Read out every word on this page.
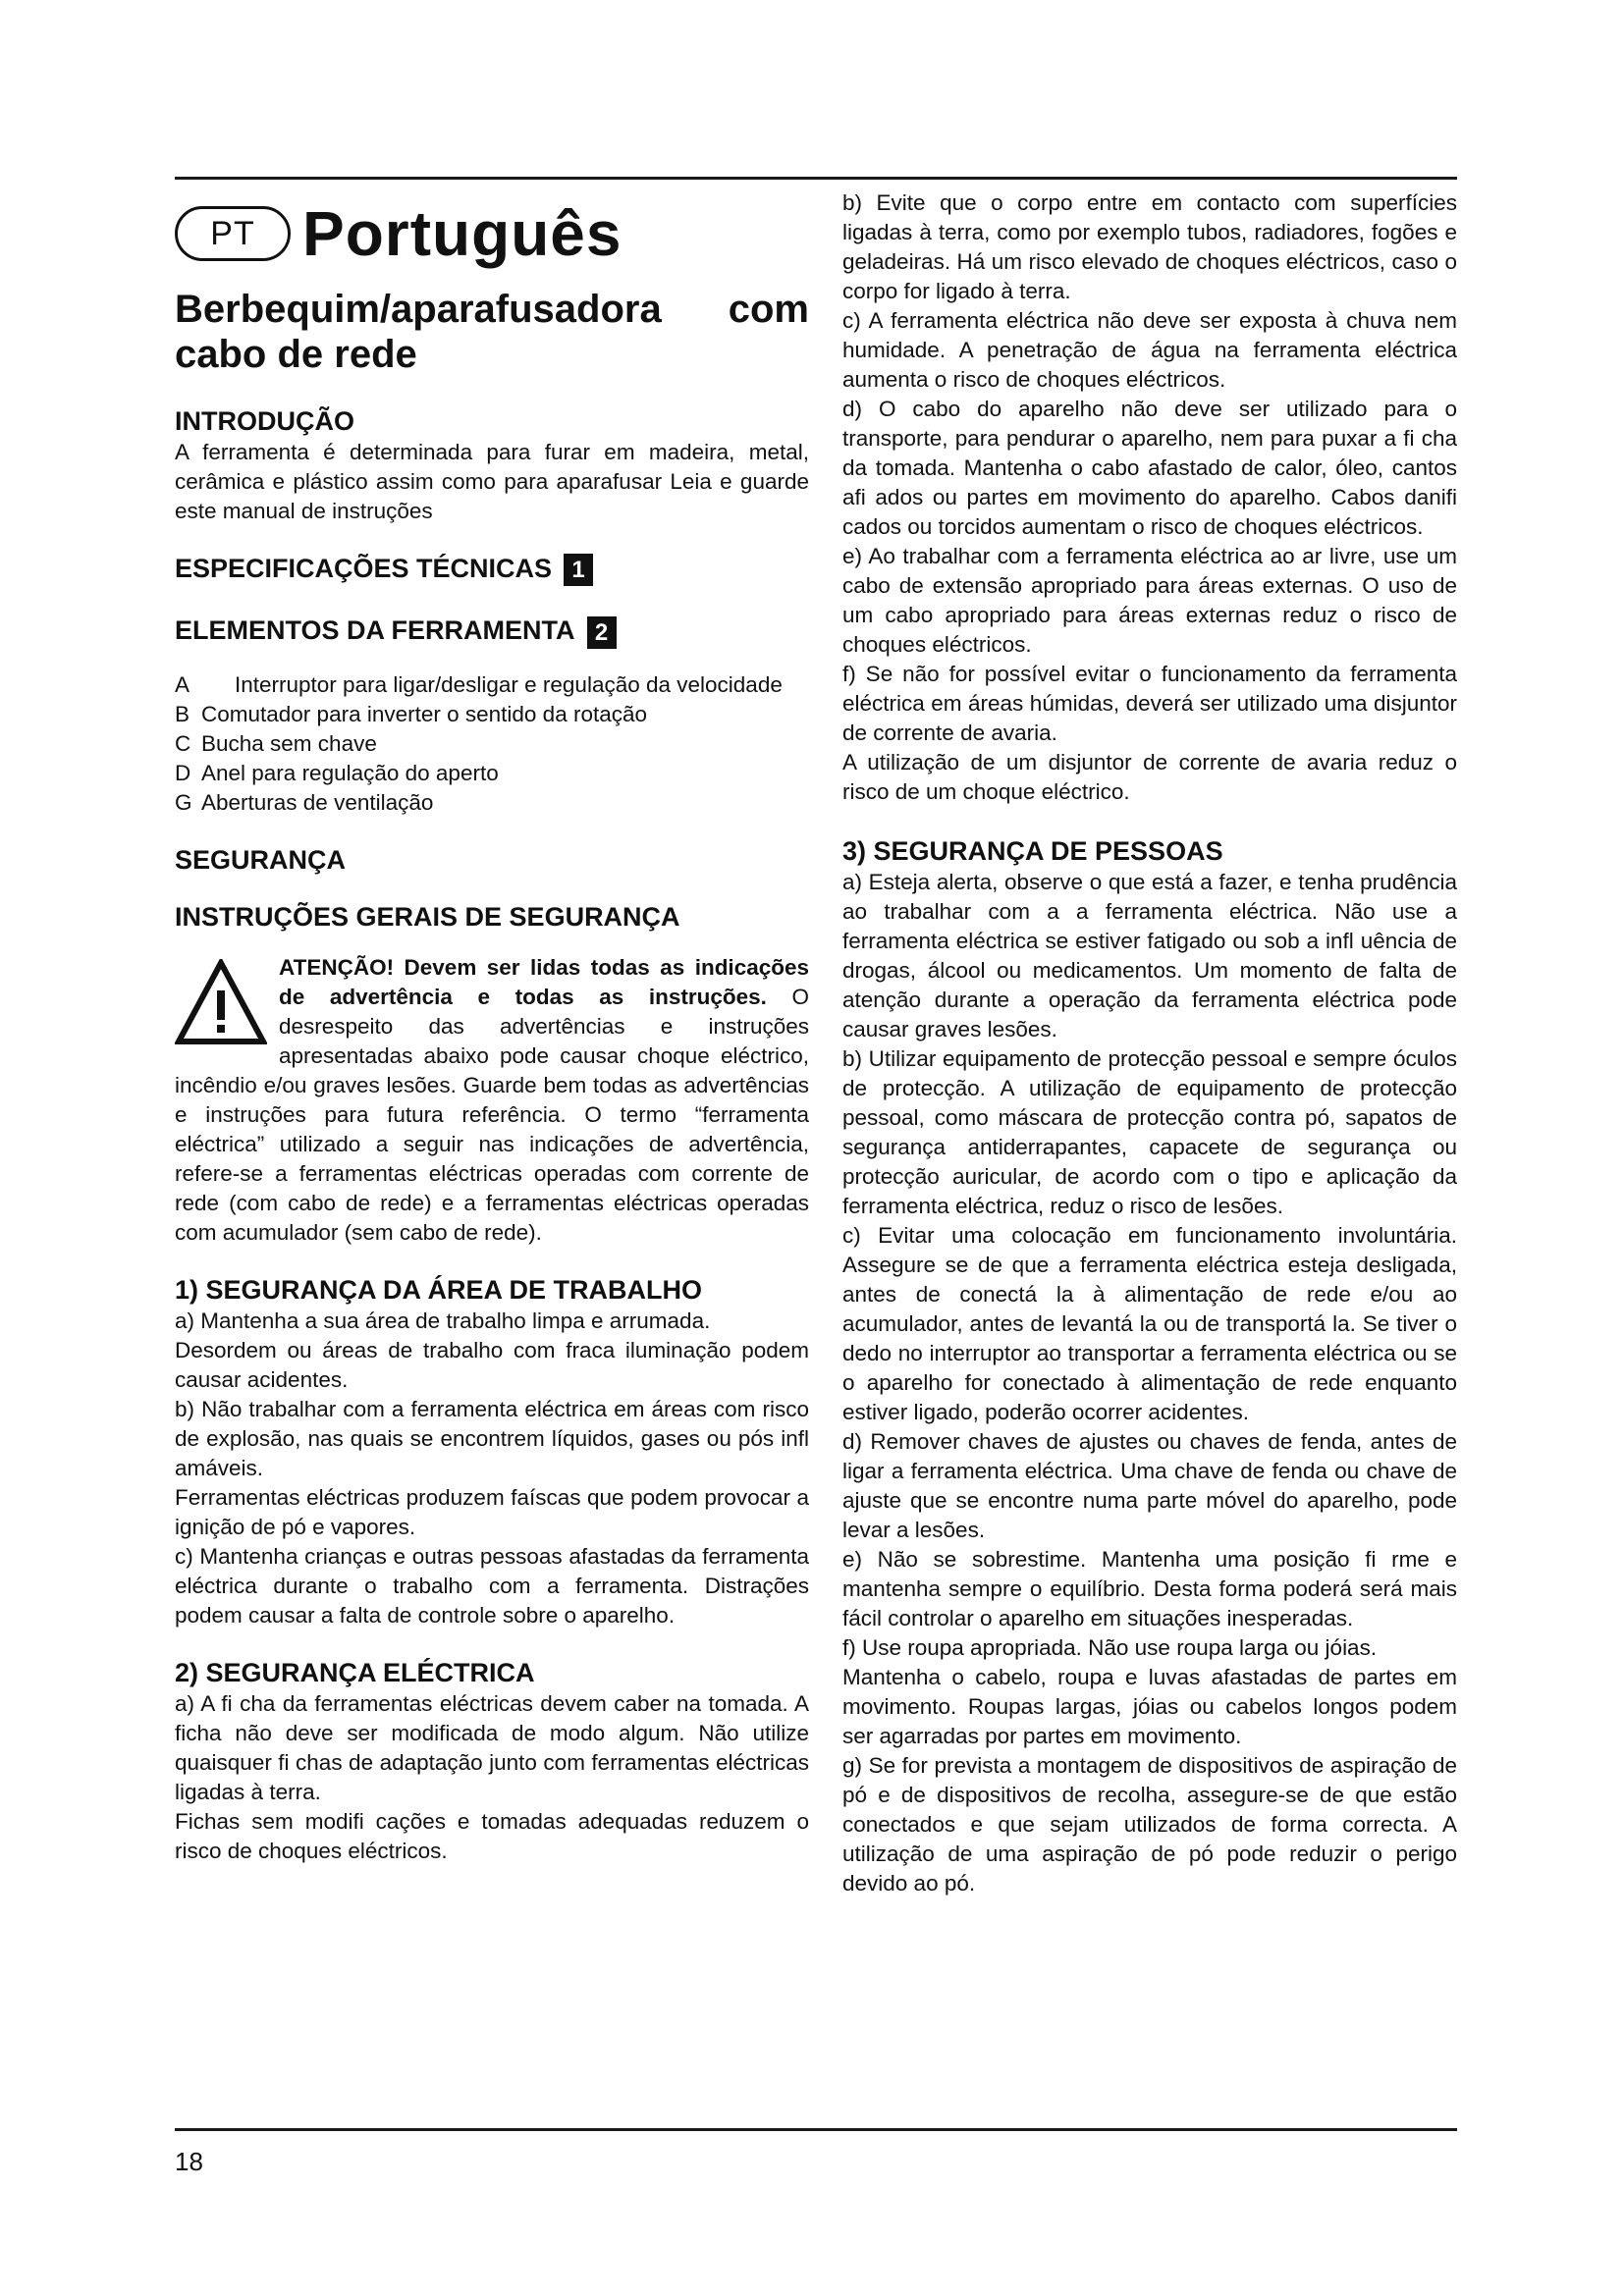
PT Português
Berbequim/aparafusadora com cabo de rede
INTRODUÇÃO

A ferramenta é determinada para furar em madeira, metal, cerâmica e plástico assim como para aparafusar Leia e guarde este manual de instruções

ESPECIFICAÇÕES TÉCNICAS 1
ELEMENTOS DA FERRAMENTA 2
A	Interruptor para ligar/desligar e regulação da velocidade
B Comutador para inverter o sentido da rotação
C Bucha sem chave
D Anel para regulação do aperto
G Aberturas de ventilação
SEGURANÇA
INSTRUÇÕES GERAIS DE SEGURANÇA

ATENÇÃO! Devem ser lidas todas as indicações de advertência e todas as instruções. O desrespeito das advertências e instruções apresentadas abaixo pode causar choque eléctrico, incêndio e/ou graves lesões. Guarde bem todas as advertências e instruções para futura referência. O termo “ferramenta eléctrica” utilizado a seguir nas indicações de advertência, refere-se a ferramentas eléctricas operadas com corrente de rede (com cabo de rede) e a ferramentas eléctricas operadas com acumulador (sem cabo de rede).

1) SEGURANÇA DA ÁREA DE TRABALHO

a) Mantenha a sua área de trabalho limpa e arrumada.

Desordem ou áreas de trabalho com fraca iluminação podem causar acidentes.

b) Não trabalhar com a ferramenta eléctrica em áreas com risco de explosão, nas quais se encontrem líquidos, gases ou pós infl amáveis.

Ferramentas eléctricas produzem faíscas que podem provocar a ignição de pó e vapores.

c) Mantenha crianças e outras pessoas afastadas da ferramenta eléctrica durante o trabalho com a ferramenta. Distrações podem causar a falta de controle sobre o aparelho.

2) SEGURANÇA ELÉCTRICA

a) A fi cha da ferramentas eléctricas devem caber na tomada. A ficha não deve ser modificada de modo algum. Não utilize quaisquer fi chas de adaptação junto com ferramentas eléctricas ligadas à terra.

Fichas sem modifi cações e tomadas adequadas reduzem o risco de choques eléctricos.

b) Evite que o corpo entre em contacto com superfícies ligadas à terra, como por exemplo tubos, radiadores, fogões e geladeiras. Há um risco elevado de choques eléctricos, caso o corpo for ligado à terra.

c) A ferramenta eléctrica não deve ser exposta à chuva nem humidade. A penetração de água na ferramenta eléctrica aumenta o risco de choques eléctricos.

d) O cabo do aparelho não deve ser utilizado para o transporte, para pendurar o aparelho, nem para puxar a fi cha da tomada. Mantenha o cabo afastado de calor, óleo, cantos afi ados ou partes em movimento do aparelho. Cabos danifi cados ou torcidos aumentam o risco de choques eléctricos.

e) Ao trabalhar com a ferramenta eléctrica ao ar livre, use um cabo de extensão apropriado para áreas externas. O uso de um cabo apropriado para áreas externas reduz o risco de choques eléctricos.

f) Se não for possível evitar o funcionamento da ferramenta eléctrica em áreas húmidas, deverá ser utilizado uma disjuntor de corrente de avaria.

A utilização de um disjuntor de corrente de avaria reduz o risco de um choque eléctrico.

3) SEGURANÇA DE PESSOAS

a) Esteja alerta, observe o que está a fazer, e tenha prudência ao trabalhar com a a ferramenta eléctrica. Não use a ferramenta eléctrica se estiver fatigado ou sob a infl uência de drogas, álcool ou medicamentos. Um momento de falta de atenção durante a operação da ferramenta eléctrica pode causar graves lesões.

b) Utilizar equipamento de protecção pessoal e sempre óculos de protecção. A utilização de equipamento de protecção pessoal, como máscara de protecção contra pó, sapatos de segurança antiderrapantes, capacete de segurança ou protecção auricular, de acordo com o tipo e aplicação da ferramenta eléctrica, reduz o risco de lesões.

c) Evitar uma colocação em funcionamento involuntária. Assegure se de que a ferramenta eléctrica esteja desligada, antes de conectá la à alimentação de rede e/ou ao acumulador, antes de levantá la ou de transportá la. Se tiver o dedo no interruptor ao transportar a ferramenta eléctrica ou se o aparelho for conectado à alimentação de rede enquanto estiver ligado, poderão ocorrer acidentes.

d) Remover chaves de ajustes ou chaves de fenda, antes de ligar a ferramenta eléctrica. Uma chave de fenda ou chave de ajuste que se encontre numa parte móvel do aparelho, pode levar a lesões.

e) Não se sobrestime. Mantenha uma posição fi rme e mantenha sempre o equilíbrio. Desta forma poderá será mais fácil controlar o aparelho em situações inesperadas.

f) Use roupa apropriada. Não use roupa larga ou jóias.

Mantenha o cabelo, roupa e luvas afastadas de partes em movimento. Roupas largas, jóias ou cabelos longos podem ser agarradas por partes em movimento.

g) Se for prevista a montagem de dispositivos de aspiração de pó e de dispositivos de recolha, assegure-se de que estão conectados e que sejam utilizados de forma correcta. A utilização de uma aspiração de pó pode reduzir o perigo devido ao pó.

18
